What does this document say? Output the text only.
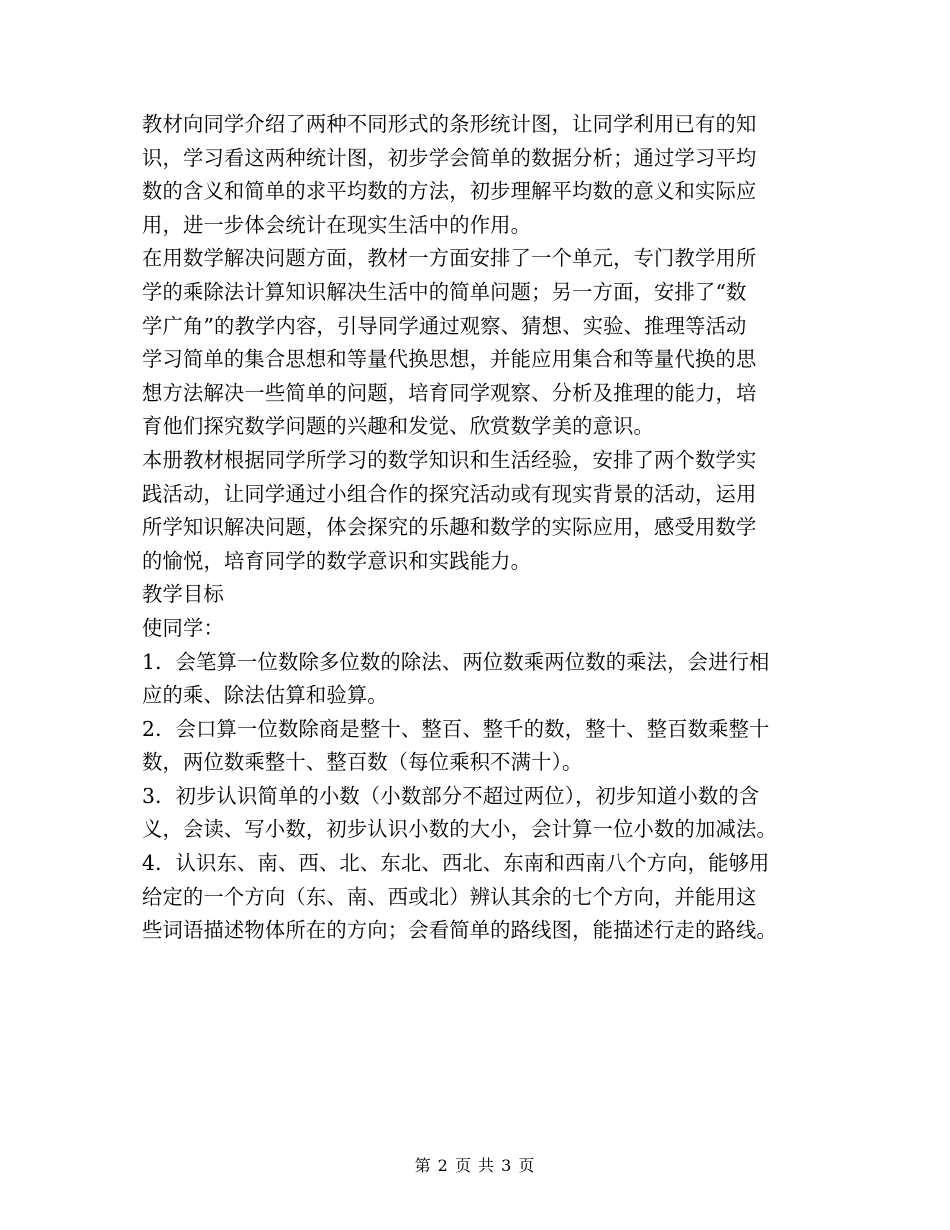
教材向同学介绍了两种不同形式的条形统计图，让同学利用已有的知
识，学习看这两种统计图，初步学会简单的数据分析；通过学习平均
数的含义和简单的求平均数的方法，初步理解平均数的意义和实际应
用，进一步体会统计在现实生活中的作用。
在用数学解决问题方面，教材一方面安排了一个单元，专门教学用所
学的乘除法计算知识解决生活中的简单问题；另一方面，安排了“数
学广角”的教学内容，引导同学通过观察、猜想、实验、推理等活动
学习简单的集合思想和等量代换思想，并能应用集合和等量代换的思
想方法解决一些简单的问题，培育同学观察、分析及推理的能力，培
育他们探究数学问题的兴趣和发觉、欣赏数学美的意识。
本册教材根据同学所学习的数学知识和生活经验，安排了两个数学实
践活动，让同学通过小组合作的探究活动或有现实背景的活动，运用
所学知识解决问题，体会探究的乐趣和数学的实际应用，感受用数学
的愉悦，培育同学的数学意识和实践能力。
教学目标
使同学：
1．会笔算一位数除多位数的除法、两位数乘两位数的乘法，会进行相
应的乘、除法估算和验算。
2．会口算一位数除商是整十、整百、整千的数，整十、整百数乘整十
数，两位数乘整十、整百数（每位乘积不满十）。
3．初步认识简单的小数（小数部分不超过两位），初步知道小数的含
义，会读、写小数，初步认识小数的大小，会计算一位小数的加减法。
4．认识东、南、西、北、东北、西北、东南和西南八个方向，能够用
给定的一个方向（东、南、西或北）辨认其余的七个方向，并能用这
些词语描述物体所在的方向；会看简单的路线图，能描述行走的路线。
第 2 页 共 3 页
